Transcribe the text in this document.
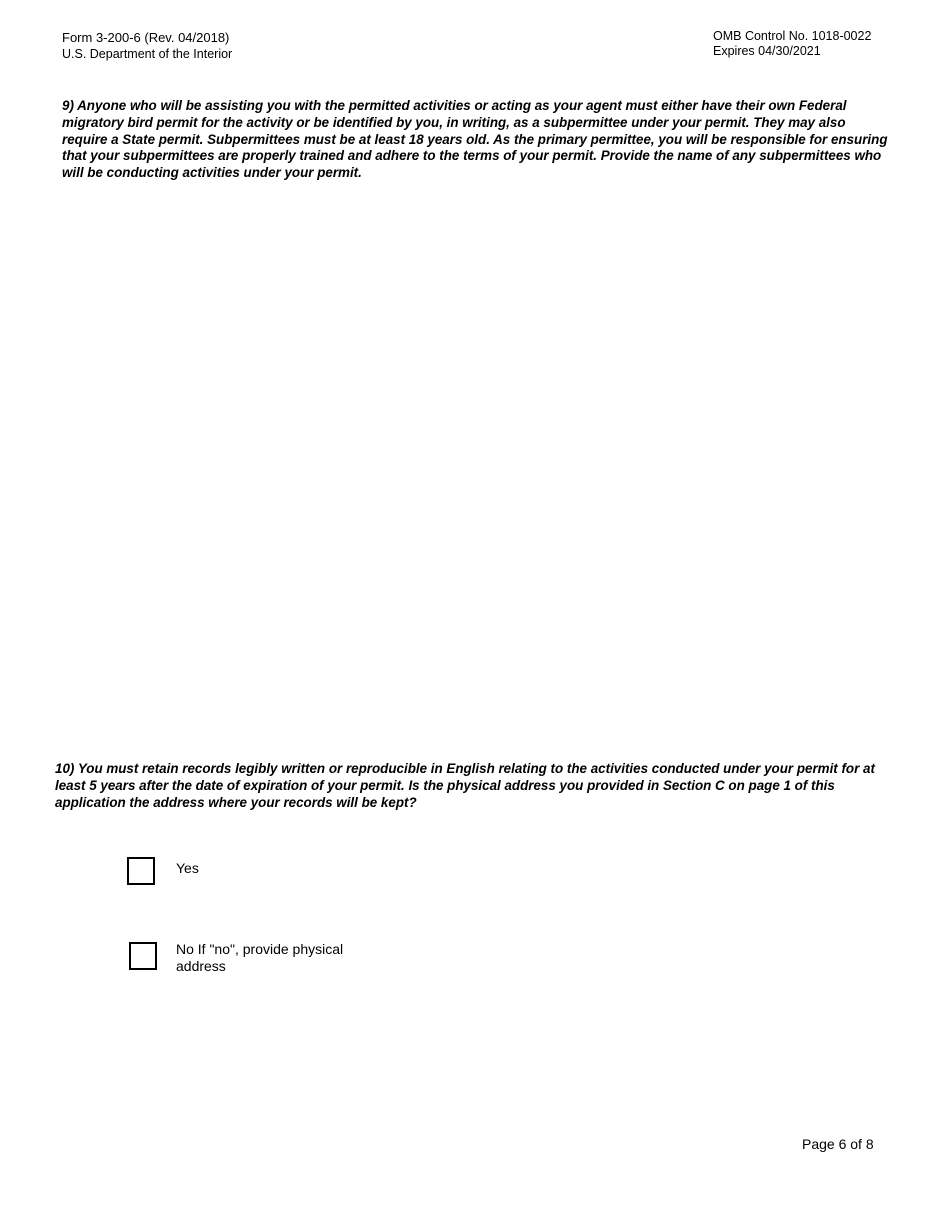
Form 3-200-6 (Rev. 04/2018)
U.S. Department of the Interior
OMB Control No. 1018-0022
Expires 04/30/2021
9) Anyone who will be assisting you with the permitted activities or acting as your agent must either have their own Federal migratory bird permit for the activity or be identified by you, in writing, as a subpermittee under your permit. They may also require a State permit. Subpermittees must be at least 18 years old. As the primary permittee, you will be responsible for ensuring that your subpermittees are properly trained and adhere to the terms of your permit. Provide the name of any subpermittees who will be conducting activities under your permit.
10) You must retain records legibly written or reproducible in English relating to the activities conducted under your permit for at least 5 years after the date of expiration of your permit. Is the physical address you provided in Section C on page 1 of this application the address where your records will be kept?
Yes
No If "no", provide physical address
Page 6 of 8
